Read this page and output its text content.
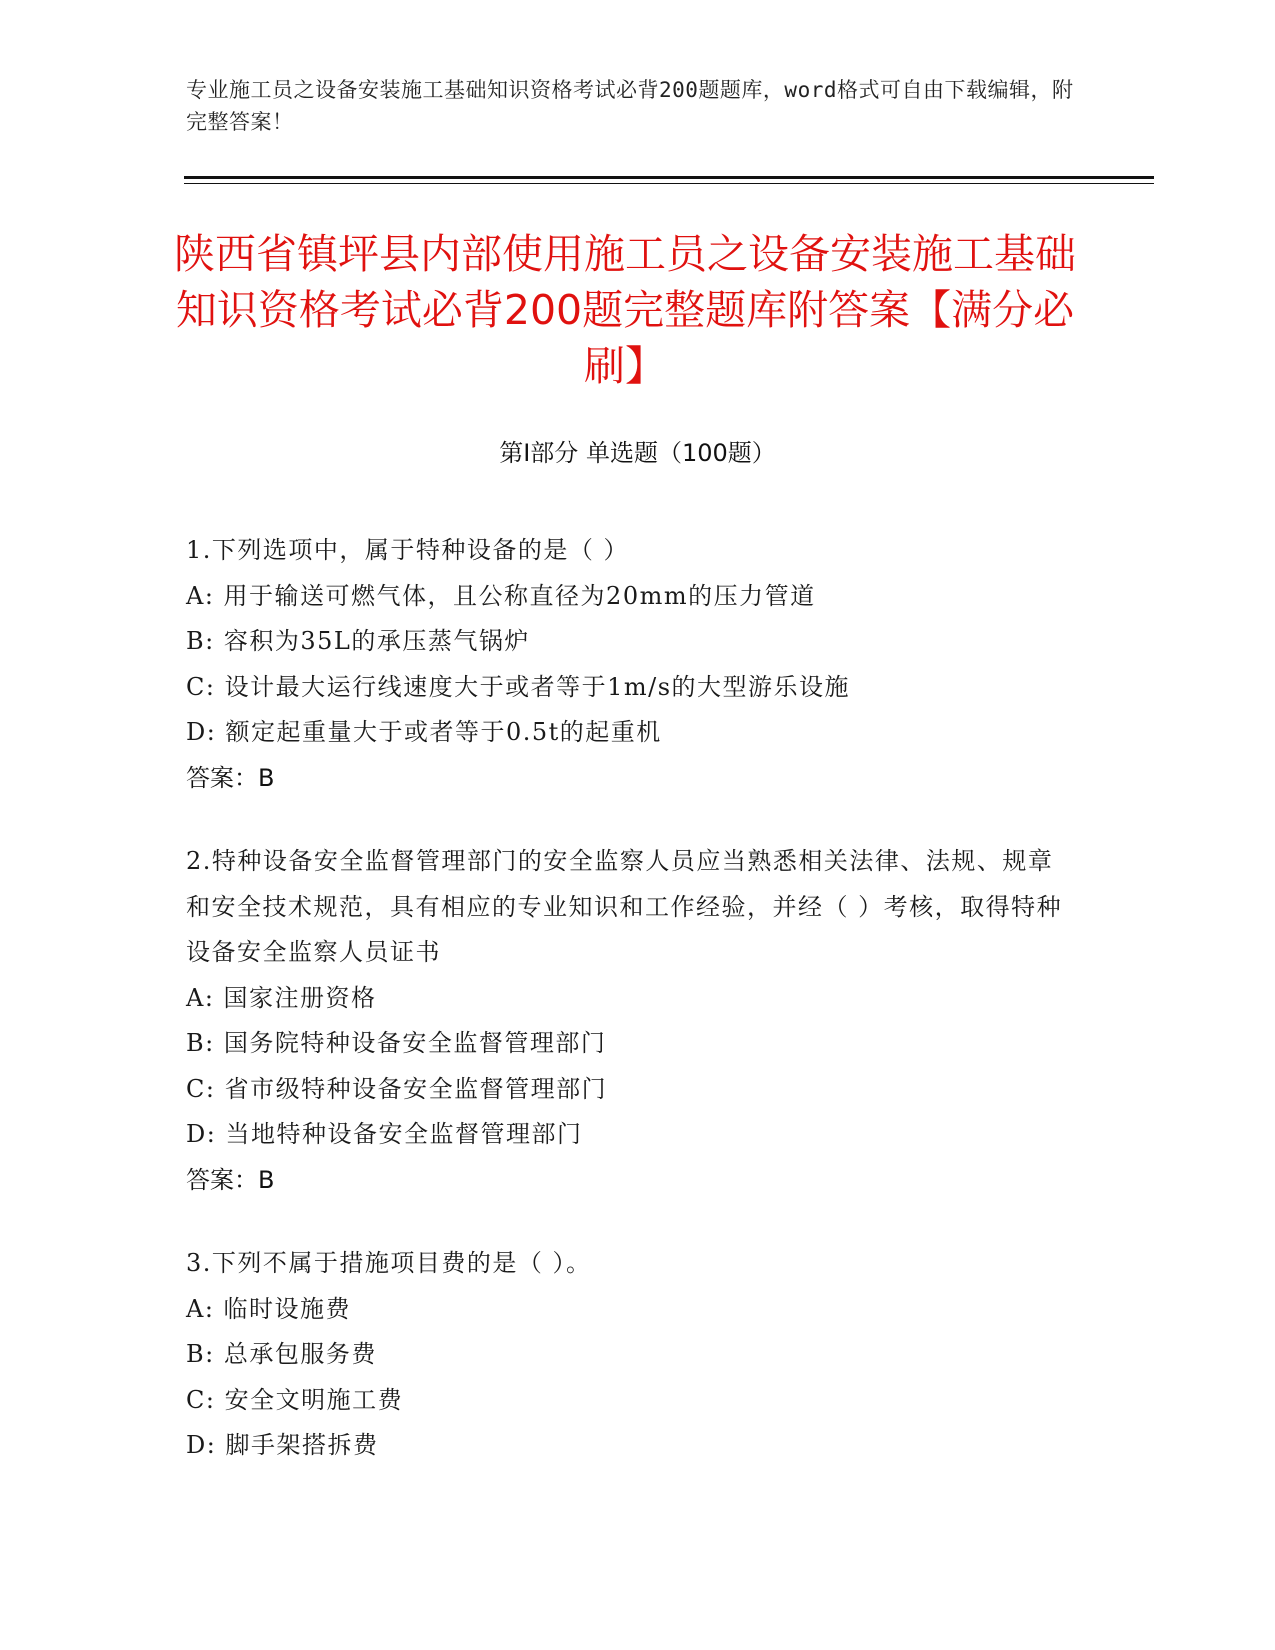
专业施工员之设备安装施工基础知识资格考试必背200题题库，word格式可自由下载编辑，附完整答案！
陕西省镇坪县内部使用施工员之设备安装施工基础知识资格考试必背200题完整题库附答案【满分必刷】
第Ⅰ部分 单选题（100题）
1.下列选项中，属于特种设备的是（ ）
A: 用于输送可燃气体，且公称直径为20mm的压力管道
B: 容积为35L的承压蒸气锅炉
C: 设计最大运行线速度大于或者等于1m/s的大型游乐设施
D: 额定起重量大于或者等于0.5t的起重机
答案：B
2.特种设备安全监督管理部门的安全监察人员应当熟悉相关法律、法规、规章和安全技术规范，具有相应的专业知识和工作经验，并经（ ）考核，取得特种设备安全监察人员证书
A: 国家注册资格
B: 国务院特种设备安全监督管理部门
C: 省市级特种设备安全监督管理部门
D: 当地特种设备安全监督管理部门
答案：B
3.下列不属于措施项目费的是（ ）。
A: 临时设施费
B: 总承包服务费
C: 安全文明施工费
D: 脚手架搭拆费
